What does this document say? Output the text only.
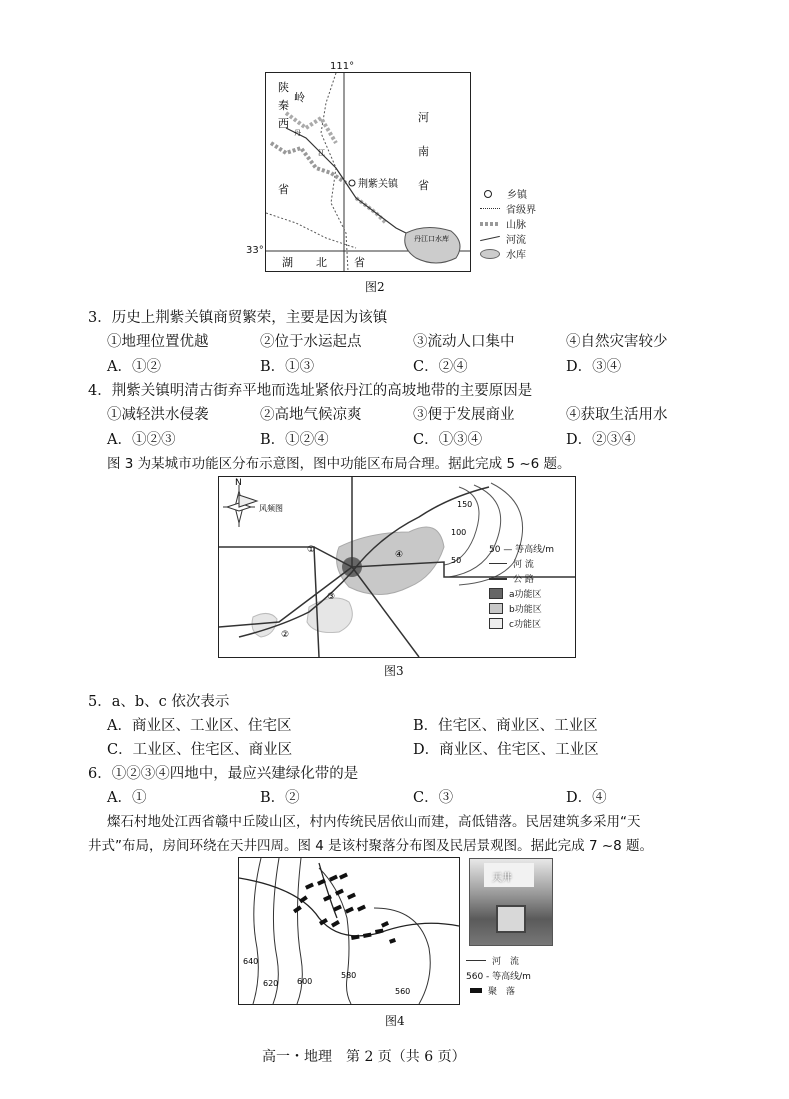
荆紫关镇
丹江口水库
陕
秦
岭
西
省
河
南
省
湖 北 省
丹
江
111°
33°
乡镇
省级界
山脉
河流
水库
图2
3．历史上荆紫关镇商贸繁荣，主要是因为该镇
①地理位置优越	②位于水运起点	③流动人口集中	④自然灾害较少
A．①②	B．①③	C．②④	D．③④
4．荆紫关镇明清古街弃平地而选址紧依丹江的高坡地带的主要原因是
①减轻洪水侵袭	②高地气候凉爽	③便于发展商业	④获取生活用水
A．①②③	B．①②④	C．①③④	D．②③④
图 3 为某城市功能区分布示意图，图中功能区布局合理。据此完成 5 ~6 题。
N
风频图	150
100
50
①
②
③
④	50 — 等高线/m
河 流
公 路
a功能区
b功能区
c功能区
图3
5．a、b、c 依次表示
A．商业区、工业区、住宅区	B．住宅区、商业区、工业区
C．工业区、住宅区、商业区	D．商业区、住宅区、工业区
6．①②③④四地中，最应兴建绿化带的是
A．①	B．②	C．③	D．④
燦石村地处江西省赣中丘陵山区，村内传统民居依山而建，高低错落。民居建筑多采用“天
井式”布局，房间环绕在天井四周。图 4 是该村聚落分布图及民居景观图。据此完成 7 ~8 题。
640
620 600
580
560
天井
河　流
560 - 等高线/m
聚　落
图4
高一・地理　第 2 页（共 6 页）
